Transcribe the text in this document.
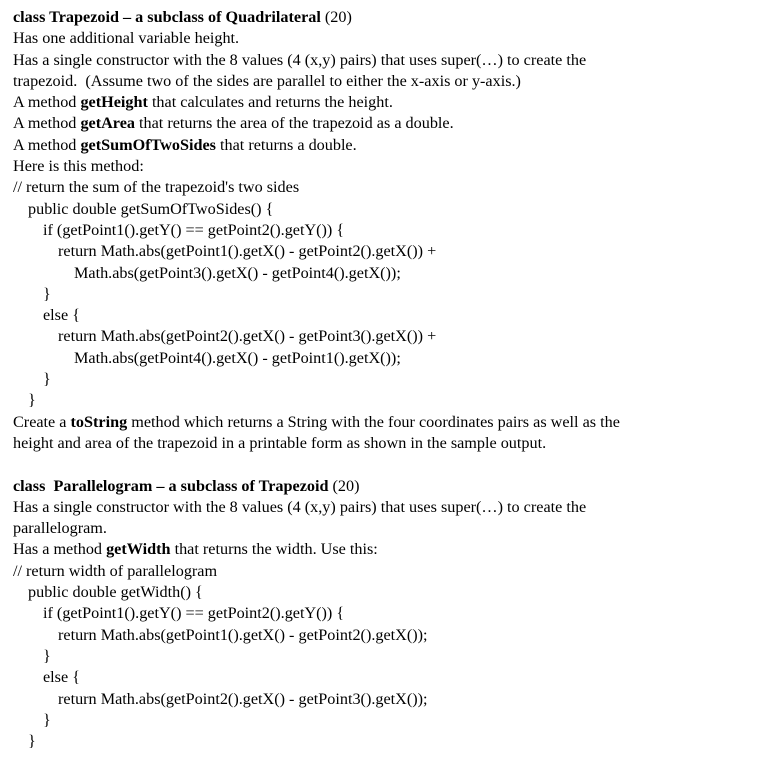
class Trapezoid – a subclass of Quadrilateral (20)
Has one additional variable height.
Has a single constructor with the 8 values (4 (x,y) pairs) that uses super(…) to create the
trapezoid.  (Assume two of the sides are parallel to either the x-axis or y-axis.)
A method getHeight that calculates and returns the height.
A method getArea that returns the area of the trapezoid as a double.
A method getSumOfTwoSides that returns a double.
Here is this method:
// return the sum of the trapezoid's two sides
public double getSumOfTwoSides() {
if (getPoint1().getY() == getPoint2().getY()) {
return Math.abs(getPoint1().getX() - getPoint2().getX()) +
Math.abs(getPoint3().getX() - getPoint4().getX());
}
else {
return Math.abs(getPoint2().getX() - getPoint3().getX()) +
Math.abs(getPoint4().getX() - getPoint1().getX());
}
}
Create a toString method which returns a String with the four coordinates pairs as well as the
height and area of the trapezoid in a printable form as shown in the sample output.
class  Parallelogram – a subclass of Trapezoid (20)
Has a single constructor with the 8 values (4 (x,y) pairs) that uses super(…) to create the
parallelogram.
Has a method getWidth that returns the width. Use this:
// return width of parallelogram
public double getWidth() {
if (getPoint1().getY() == getPoint2().getY()) {
return Math.abs(getPoint1().getX() - getPoint2().getX());
}
else {
return Math.abs(getPoint2().getX() - getPoint3().getX());
}
}
